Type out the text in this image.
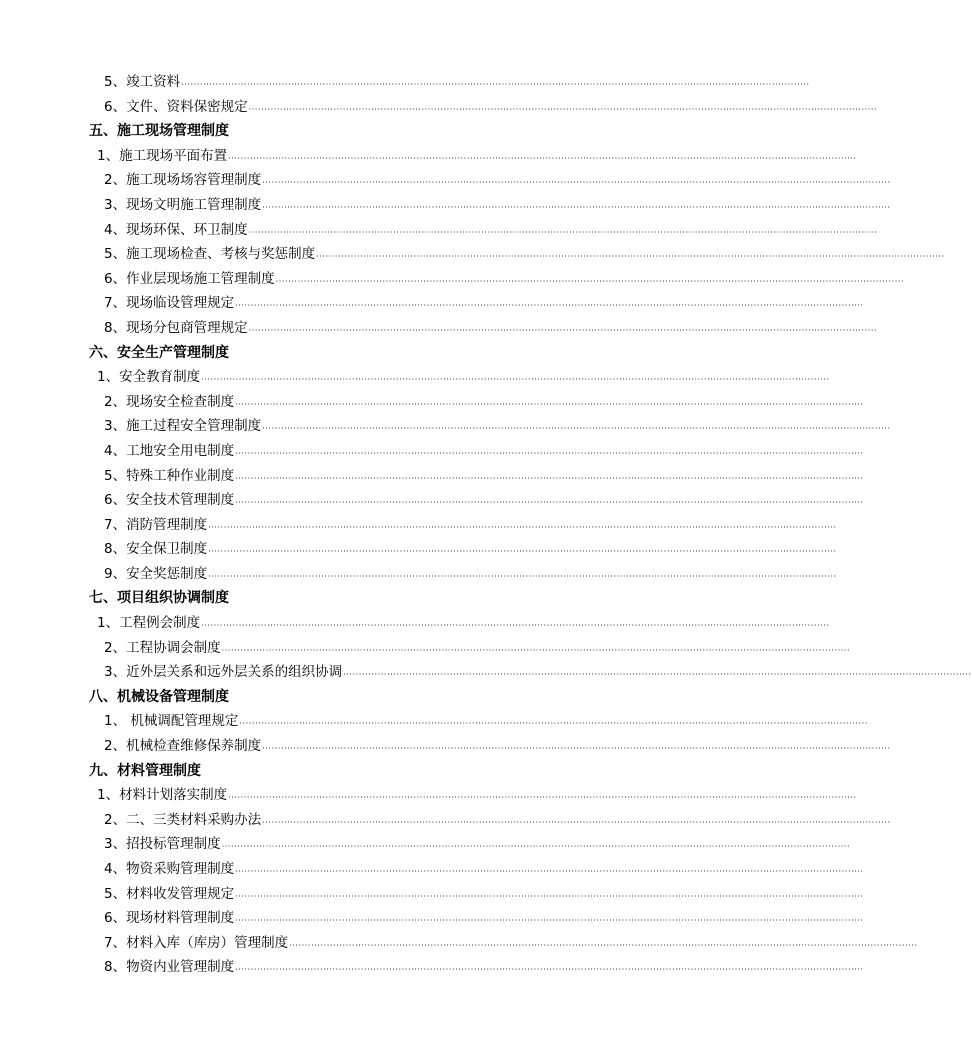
5、竣工资料 ········································································································································································································
6、文件、资料保密规定 ········································································································································································································
五、施工现场管理制度
1、施工现场平面布置 ········································································································································································································
2、施工现场场容管理制度 ········································································································································································································
3、现场文明施工管理制度 ········································································································································································································
4、现场环保、环卫制度 ········································································································································································································
5、施工现场检查、考核与奖惩制度 ········································································································································································································
6、作业层现场施工管理制度 ········································································································································································································
7、现场临设管理规定 ········································································································································································································
8、现场分包商管理规定 ········································································································································································································
六、安全生产管理制度
1、安全教育制度 ········································································································································································································
2、现场安全检查制度 ········································································································································································································
3、施工过程安全管理制度 ········································································································································································································
4、工地安全用电制度 ········································································································································································································
5、特殊工种作业制度 ········································································································································································································
6、安全技术管理制度 ········································································································································································································
7、消防管理制度 ········································································································································································································
8、安全保卫制度 ········································································································································································································
9、安全奖惩制度 ········································································································································································································
七、项目组织协调制度
1、工程例会制度 ········································································································································································································
2、工程协调会制度 ········································································································································································································
3、近外层关系和远外层关系的组织协调 ········································································································································································································
八、机械设备管理制度
1、 机械调配管理规定 ········································································································································································································
2、机械检查维修保养制度 ········································································································································································································
九、材料管理制度
1、材料计划落实制度 ········································································································································································································
2、二、三类材料采购办法 ········································································································································································································
3、招投标管理制度 ········································································································································································································
4、物资采购管理制度 ········································································································································································································
5、材料收发管理规定 ········································································································································································································
6、现场材料管理制度 ········································································································································································································
7、材料入库（库房）管理制度 ········································································································································································································
8、物资内业管理制度 ········································································································································································································
